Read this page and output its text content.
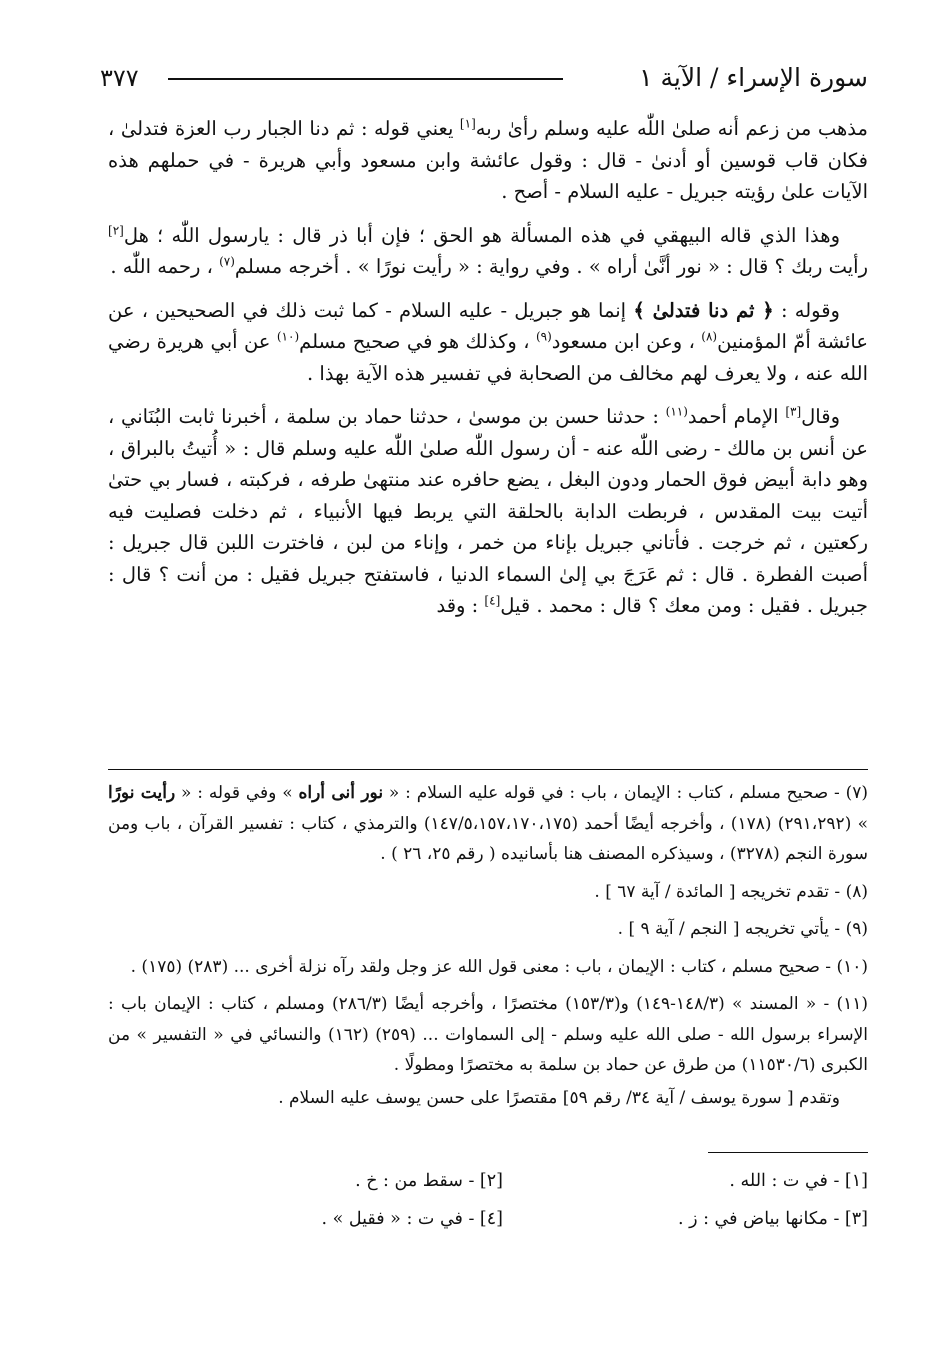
سورة الإسراء / الآية ١
٣٧٧

مذهب من زعم أنه صلىٰ اللّٰه عليه وسلم رأىٰ ربه[١] يعني قوله : ثم دنا الجبار رب العزة فتدلىٰ ، فكان قاب قوسين أو أدنىٰ - قال : وقول عائشة وابن مسعود وأبي هريرة - في حملهم هذه الآيات علىٰ رؤيته جبريل - عليه السلام - أصح .

وهذا الذي قاله البيهقي في هذه المسألة هو الحق ؛ فإن أبا ذر قال : يارسول اللّٰه ؛ هل[٢] رأيت ربك ؟ قال : « نور أنَّىٰ أراه » . وفي رواية : « رأيت نورًا » . أخرجه مسلم$^{(٧)}$ ، رحمه اللّٰه .

وقوله : ﴿ ثم دنا فتدلىٰ ﴾ إنما هو جبريل - عليه السلام - كما ثبت ذلك في الصحيحين ، عن عائشة أمّ المؤمنين$^{(٨)}$ ، وعن ابن مسعود$^{(٩)}$ ، وكذلك هو في صحيح مسلم$^{(١٠)}$ عن أبي هريرة رضي الله عنه ، ولا يعرف لهم مخالف من الصحابة في تفسير هذه الآية بهذا .

وقال[٣] الإمام أحمد$^{(١١)}$ : حدثنا حسن بن موسىٰ ، حدثنا حماد بن سلمة ، أخبرنا ثابت البُنَاني ، عن أنس بن مالك - رضى اللّٰه عنه - أن رسول اللّٰه صلىٰ اللّٰه عليه وسلم قال : « أُتيتُ بالبراق ، وهو دابة أبيض فوق الحمار ودون البغل ، يضع حافره عند منتهىٰ طرفه ، فركبته ، فسار بي حتىٰ أتيت بيت المقدس ، فربطت الدابة بالحلقة التي يربط فيها الأنبياء ، ثم دخلت فصليت فيه ركعتين ، ثم خرجت . فأتاني جبريل بإناء من خمر ، وإناء من لبن ، فاخترت اللبن قال جبريل : أصبت الفطرة . قال : ثم عَرَجَ بي إلىٰ السماء الدنيا ، فاستفتح جبريل فقيل : من أنت ؟ قال : جبريل . فقيل : ومن معك ؟ قال : محمد . قيل[٤] : وقد

(٧) - صحيح مسلم ، كتاب : الإيمان ، باب : في قوله عليه السلام : « نور أنى أراه » وفي قوله : « رأيت نورًا » (٢٩١،٢٩٢) (١٧٨) ، وأخرجه أيضًا أحمد (١٤٧/٥،١٥٧،١٧٠،١٧٥) والترمذي ، كتاب : تفسير القرآن ، باب ومن سورة النجم (٣٢٧٨) ، وسيذكره المصنف هنا بأسانيده ( رقم ٢٥، ٢٦ ) .

(٨) - تقدم تخريجه [ المائدة / آية ٦٧ ] .

(٩) - يأتي تخريجه [ النجم / آية ٩ ] .

(١٠) - صحيح مسلم ، كتاب : الإيمان ، باب : معنى قول الله عز وجل ولقد رآه نزلة أخرى ... (٢٨٣) (١٧٥) .

(١١) - « المسند » (١٤٨/٣-١٤٩) و(١٥٣/٣) مختصرًا ، وأخرجه أيضًا (٢٨٦/٣) ومسلم ، كتاب : الإيمان باب : الإسراء برسول الله - صلى الله عليه وسلم - إلى السماوات ... (٢٥٩) (١٦٢) والنسائي في « التفسير » من الكبرى (١١٥٣٠/٦) من طرق عن حماد بن سلمة به مختصرًا ومطولًا .

وتقدم [ سورة يوسف / آية ٣٤/ رقم ٥٩] مقتصرًا على حسن يوسف عليه السلام .

[١] - في ت : الله .
[٢] - سقط من : خ .
[٣] - مكانها بياض في : ز .
[٤] - في ت : « فقيل » .
